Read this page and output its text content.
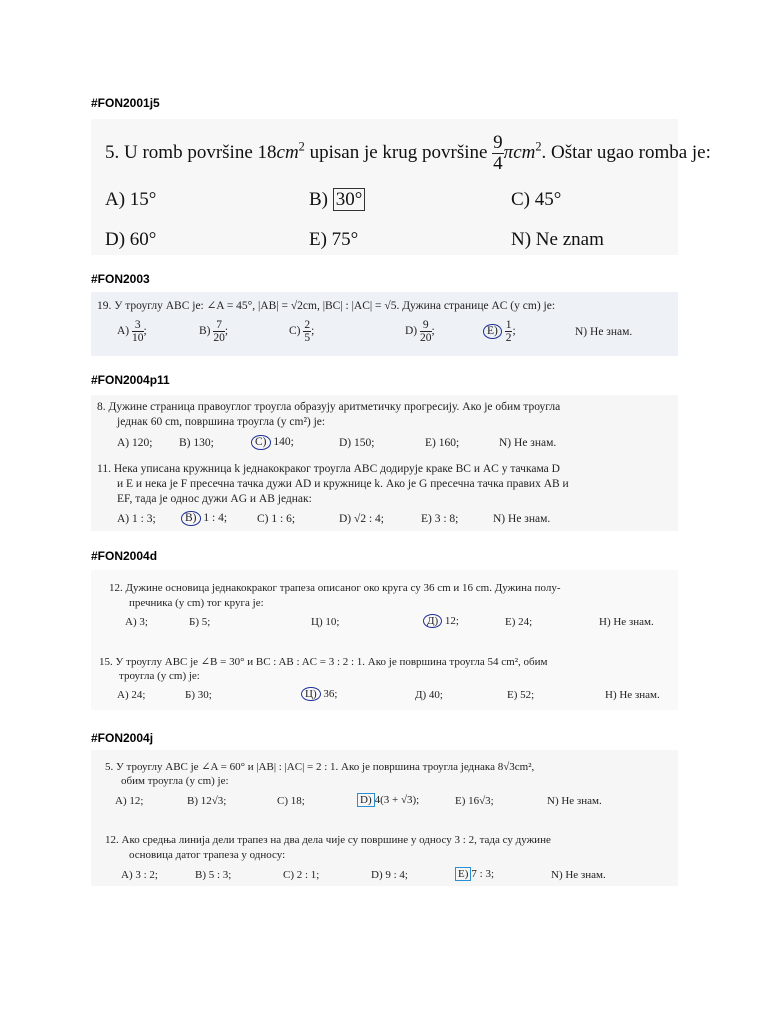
#FON2001j5
5. U romb površine $18cm^2$ upisan je krug površine $\frac{9}{4} \pi cm^2$. Oštar ugao romba je:
A) 15°	B) 30°	C) 45°
D) 60°	E) 75°	N) Ne znam
#FON2003
19. У троуглу ABC је: ∠A = 45°, |AB| = √2cm, |BC| : |AC| = √5. Дужина странице AC (у cm) је:
$A) \frac{3}{10}$ ;	$B) \frac{7}{20}$ ;	$C) \frac{2}{5}$ ;	$D) \frac{9}{20}$ ;	$E) \frac{1}{2}$ ;	N) Не знам.
#FON2004p11
8. Дужине страница правоуглог троугла образују аритметичку прогресију. Ако је обим троугла
једнак 60 cm, површина троугла (у cm²) је:
A) 120; B) 130;	C) 140;	D) 150;	E) 160;	N) Не знам.
11. Нека уписана кружница k једнакокраког троугла ABC додирује краке BC и AC у тачкама D
и E и нека је F пресечна тачка дужи AD и кружнице k. Ако је G пресечна тачка правих AB и
EF, тада је однос дужи AG и AB једнак:
A) 1 : 3;	B) 1 : 4;	C) 1 : 6;	D) √2 : 4;	E) 3 : 8;	N) Не знам.
#FON2004d
12. Дужине основица једнакокраког трапеза описаног око круга су 36 cm и 16 cm. Дужина полу-
пречника (у cm) тог круга је:
А) 3;	Б) 5;	Ц) 10;	Д) 12;	Е) 24;	Н) Не знам.
15. У троуглу ABC је ∠B = 30° и BC : AB : AC = 3 : 2 : 1. Ако је површина троугла 54 cm², обим
троугла (у cm) је:
А) 24;	Б) 30;	Ц) 36;	Д) 40;	Е) 52;	Н) Не знам.
#FON2004j
5. У троуглу ABC је ∠A = 60° и |AB| : |AC| = 2 : 1. Ако је површина троугла једнака 8√3cm²,
обим троугла (у cm) је:
A) 12;	B) 12√3;	C) 18;	D) 4(3 + √3);	E) 16√3;	N) Не знам.
12. Ако средња линија дели трапез на два дела чије су површине у односу 3 : 2, тада су дужине
основица датог трапеза у односу:
A) 3 : 2;	B) 5 : 3;	C) 2 : 1;	D) 9 : 4;	E) 7 : 3;	N) Не знам.
